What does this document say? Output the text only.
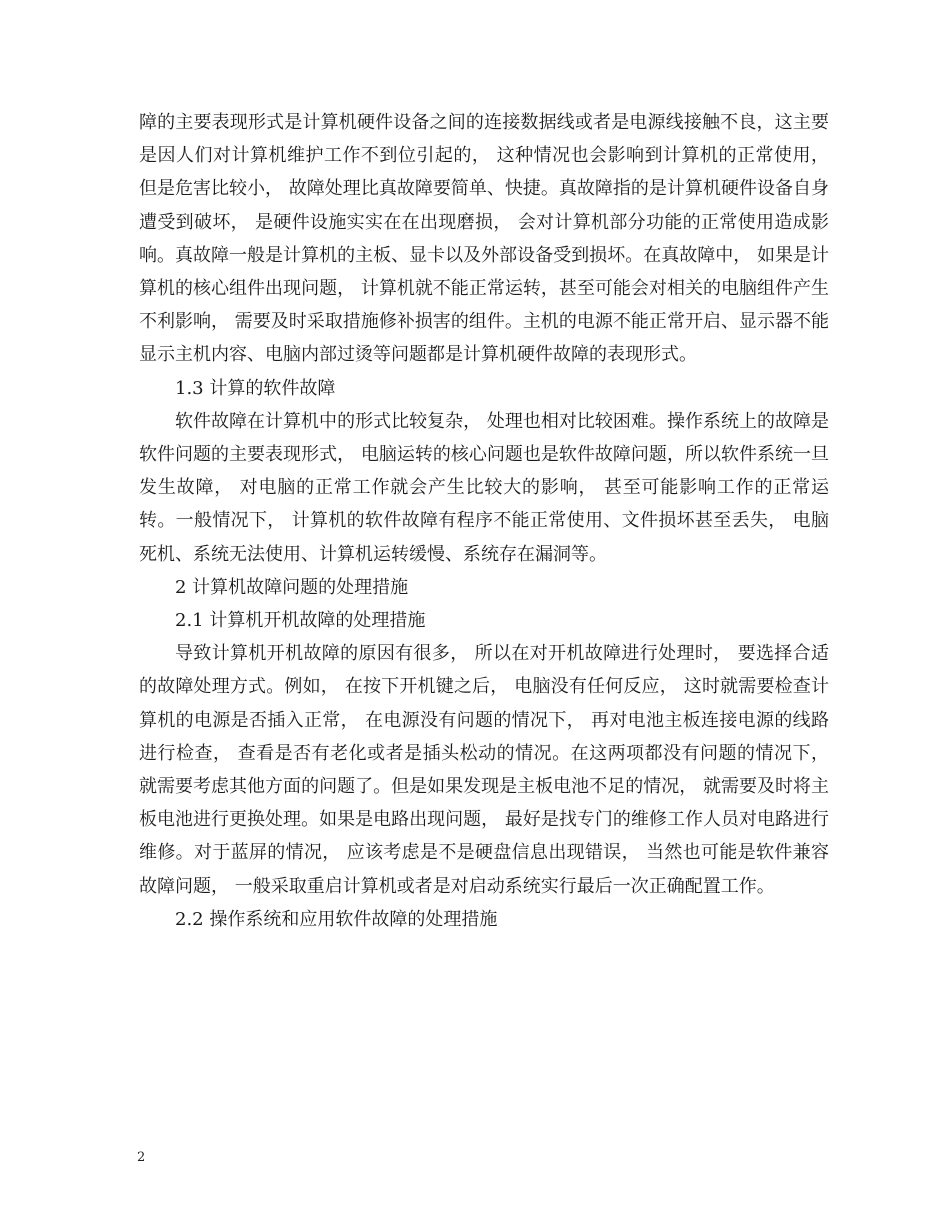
障的主要表现形式是计算机硬件设备之间的连接数据线或者是电源线接触不良，这主要是因人们对计算机维护工作不到位引起的， 这种情况也会影响到计算机的正常使用， 但是危害比较小， 故障处理比真故障要简单、快捷。真故障指的是计算机硬件设备自身遭受到破坏， 是硬件设施实实在在出现磨损， 会对计算机部分功能的正常使用造成影响。真故障一般是计算机的主板、显卡以及外部设备受到损坏。在真故障中， 如果是计算机的核心组件出现问题， 计算机就不能正常运转，甚至可能会对相关的电脑组件产生不利影响， 需要及时采取措施修补损害的组件。主机的电源不能正常开启、显示器不能显示主机内容、电脑内部过烫等问题都是计算机硬件故障的表现形式。

1.3 计算的软件故障

软件故障在计算机中的形式比较复杂， 处理也相对比较困难。操作系统上的故障是软件问题的主要表现形式， 电脑运转的核心问题也是软件故障问题，所以软件系统一旦发生故障， 对电脑的正常工作就会产生比较大的影响， 甚至可能影响工作的正常运转。一般情况下， 计算机的软件故障有程序不能正常使用、文件损坏甚至丢失， 电脑死机、系统无法使用、计算机运转缓慢、系统存在漏洞等。

2 计算机故障问题的处理措施

2.1 计算机开机故障的处理措施

导致计算机开机故障的原因有很多， 所以在对开机故障进行处理时， 要选择合适的故障处理方式。例如， 在按下开机键之后， 电脑没有任何反应， 这时就需要检查计算机的电源是否插入正常， 在电源没有问题的情况下， 再对电池主板连接电源的线路进行检查， 查看是否有老化或者是插头松动的情况。在这两项都没有问题的情况下， 就需要考虑其他方面的问题了。但是如果发现是主板电池不足的情况， 就需要及时将主板电池进行更换处理。如果是电路出现问题， 最好是找专门的维修工作人员对电路进行维修。对于蓝屏的情况， 应该考虑是不是硬盘信息出现错误， 当然也可能是软件兼容故障问题， 一般采取重启计算机或者是对启动系统实行最后一次正确配置工作。

2.2 操作系统和应用软件故障的处理措施

2
